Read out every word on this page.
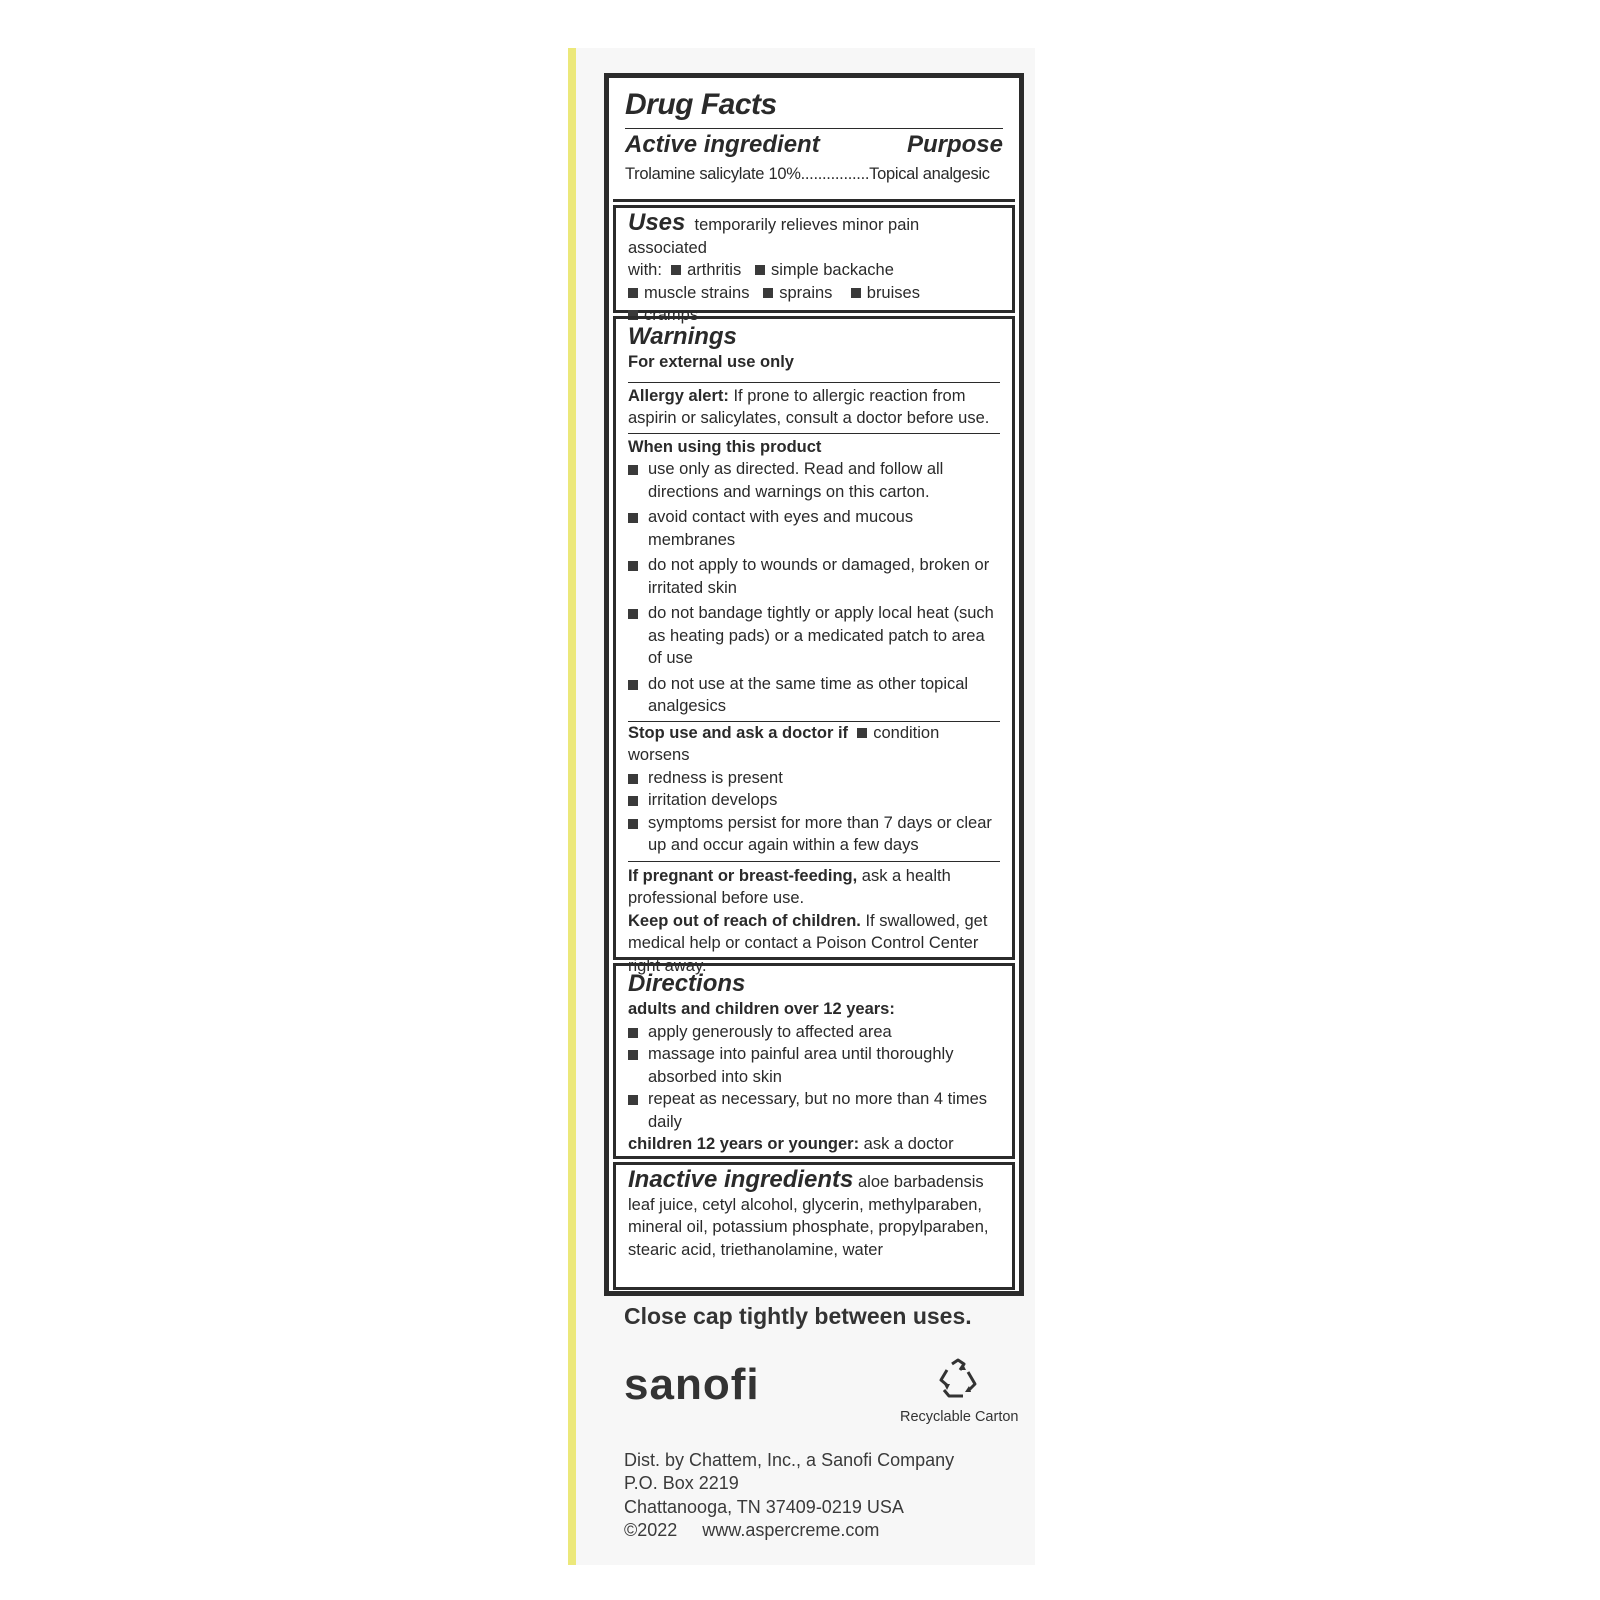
Drug Facts
Active ingredient	Purpose
Trolamine salicylate 10%................Topical analgesic
Uses temporarily relieves minor pain associated
with: arthritis simple backache
muscle strains sprains bruises
cramps
Warnings
For external use only
Allergy alert: If prone to allergic reaction from aspirin or salicylates, consult a doctor before use.
When using this product
use only as directed. Read and follow all directions and warnings on this carton.
avoid contact with eyes and mucous membranes
do not apply to wounds or damaged, broken or irritated skin
do not bandage tightly or apply local heat (such as heating pads) or a medicated patch to area of use
do not use at the same time as other topical analgesics
Stop use and ask a doctor if condition worsens
redness is present
irritation develops
symptoms persist for more than 7 days or clear up and occur again within a few days
If pregnant or breast-feeding, ask a health professional before use.
Keep out of reach of children. If swallowed, get medical help or contact a Poison Control Center right away.
Directions
adults and children over 12 years:
apply generously to affected area
massage into painful area until thoroughly absorbed into skin
repeat as necessary, but no more than 4 times daily
children 12 years or younger: ask a doctor
Inactive ingredients aloe barbadensis leaf juice, cetyl alcohol, glycerin, methylparaben, mineral oil, potassium phosphate, propylparaben, stearic acid, triethanolamine, water
Close cap tightly between uses.
sanofi
Recyclable Carton
Dist. by Chattem, Inc., a Sanofi Company
P.O. Box 2219
Chattanooga, TN 37409-0219 USA
©2022     www.aspercreme.com
